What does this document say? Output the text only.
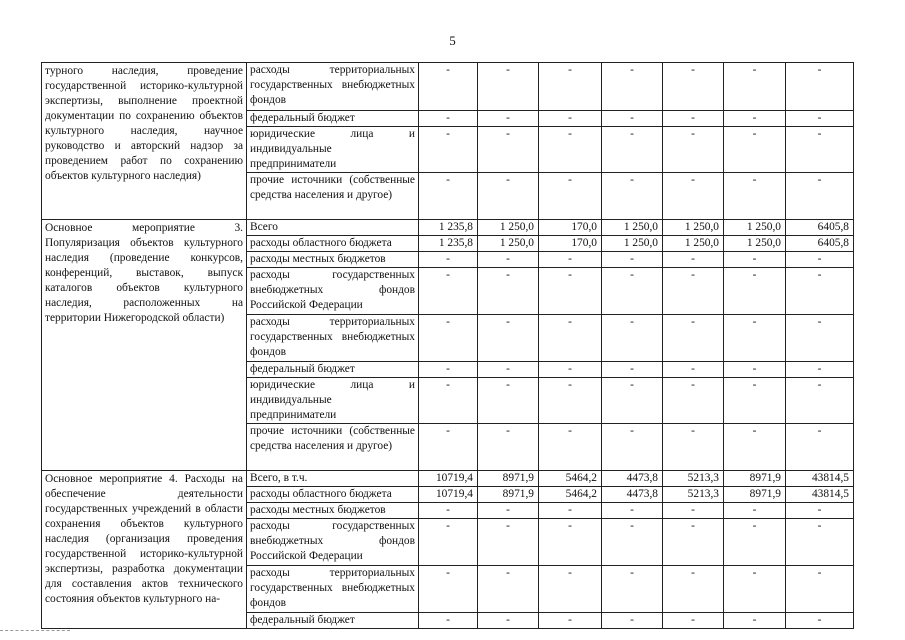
5
турного наследия, проведение государственной историко-культурной экспертизы, выполнение проектной документации по сохранению объектов культурного наследия, научное руководство и авторский надзор за проведением работ по сохранению объектов культурного наследия)	расходы территориальных государственных внебюджетных фондов	-	-	-	-	-	-	-
	федеральный бюджет	-	-	-	-	-	-	-
	юридические лица и индивидуальные предприниматели	-	-	-	-	-	-	-
	прочие источники (собственные средства населения и другое)	-	-	-	-	-	-	-
Основное мероприятие 3. Популяризация объектов культурного наследия (проведение конкурсов, конференций, выставок, выпуск каталогов объектов культурного наследия, расположенных на территории Нижегородской области)	Всего	1 235,8	1 250,0	170,0	1 250,0	1 250,0	1 250,0	6405,8
	расходы областного бюджета	1 235,8	1 250,0	170,0	1 250,0	1 250,0	1 250,0	6405,8
	расходы местных бюджетов	-	-	-	-	-	-	-
	расходы государственных внебюджетных фондов Российской Федерации	-	-	-	-	-	-	-
	расходы территориальных государственных внебюджетных фондов	-	-	-	-	-	-	-
	федеральный бюджет	-	-	-	-	-	-	-
	юридические лица и индивидуальные предприниматели	-	-	-	-	-	-	-
	прочие источники (собственные средства населения и другое)	-	-	-	-	-	-	-
Основное мероприятие 4. Расходы на обеспечение деятельности государственных учреждений в области сохранения объектов культурного наследия (организация проведения государственной историко-культурной экспертизы, разработка документации для составления актов технического состояния объектов культурного на-	Всего, в т.ч.	10719,4	8971,9	5464,2	4473,8	5213,3	8971,9	43814,5
	расходы областного бюджета	10719,4	8971,9	5464,2	4473,8	5213,3	8971,9	43814,5
	расходы местных бюджетов	-	-	-	-	-	-	-
	расходы государственных внебюджетных фондов Российской Федерации	-	-	-	-	-	-	-
	расходы территориальных государственных внебюджетных фондов	-	-	-	-	-	-	-
	федеральный бюджет	-	-	-	-	-	-	-
